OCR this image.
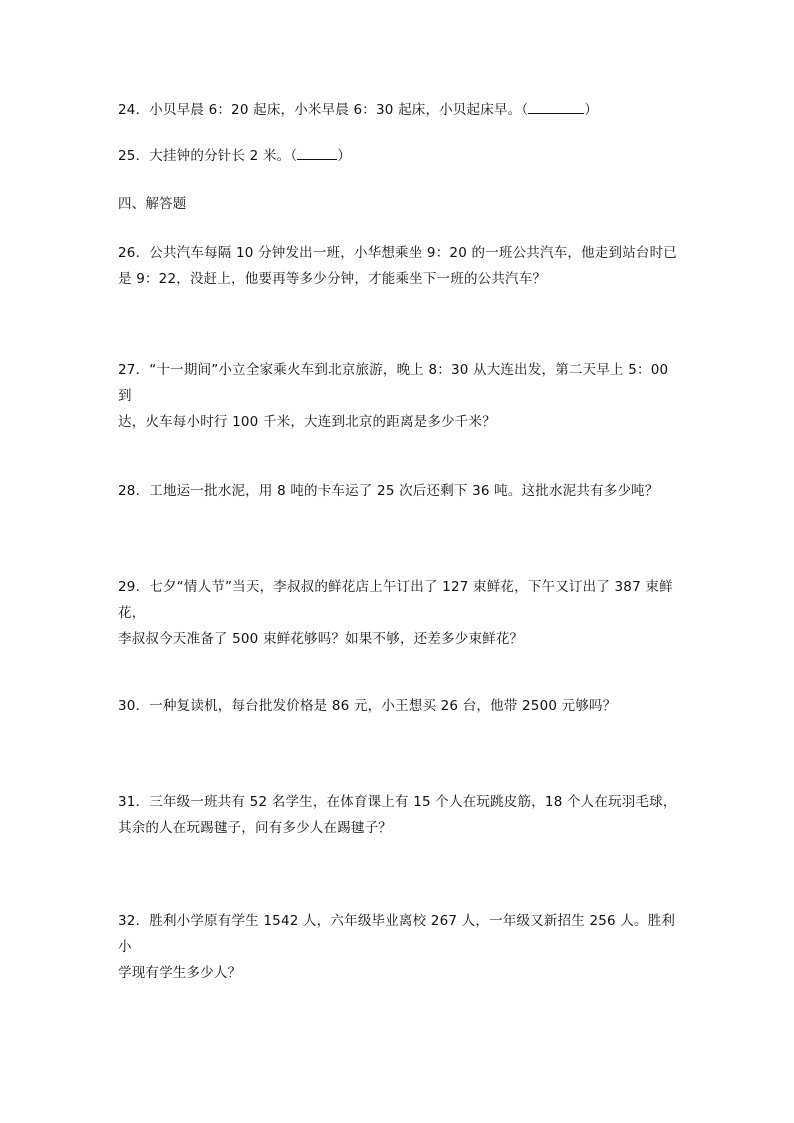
24．小贝早晨 6：20 起床，小米早晨 6：30 起床，小贝起床早。（	）
25．大挂钟的分针长 2 米。（	）
四、解答题
26．公共汽车每隔 10 分钟发出一班，小华想乘坐 9：20 的一班公共汽车，他走到站台时已
是 9：22，没赶上，他要再等多少分钟，才能乘坐下一班的公共汽车？
27．“十一期间”小立全家乘火车到北京旅游，晚上 8：30 从大连出发，第二天早上 5：00 到
达，火车每小时行 100 千米，大连到北京的距离是多少千米？
28．工地运一批水泥，用 8 吨的卡车运了 25 次后还剩下 36 吨。这批水泥共有多少吨？
29．七夕“情人节”当天，李叔叔的鲜花店上午订出了 127 束鲜花，下午又订出了 387 束鲜花，
李叔叔今天准备了 500 束鲜花够吗？如果不够，还差多少束鲜花？
30．一种复读机，每台批发价格是 86 元，小王想买 26 台，他带 2500 元够吗？
31．三年级一班共有 52 名学生，在体育课上有 15 个人在玩跳皮筋，18 个人在玩羽毛球，
其余的人在玩踢毽子，问有多少人在踢毽子？
32．胜利小学原有学生 1542 人，六年级毕业离校 267 人，一年级又新招生 256 人。胜利小
学现有学生多少人？
